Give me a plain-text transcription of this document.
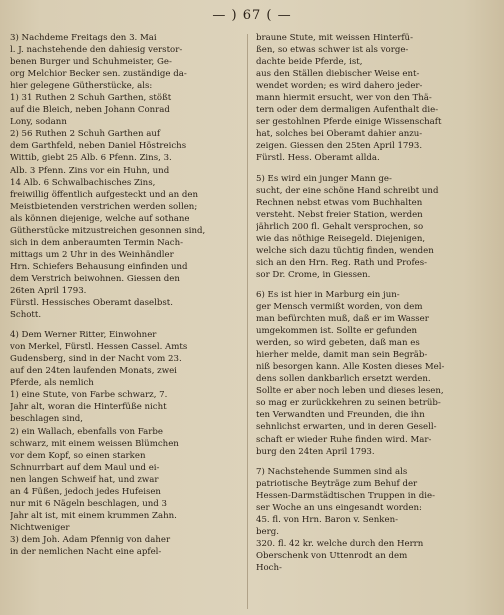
— ) 67 ( —
3) Nachdeme Freitags den 3. Mai
l. J. nachstehende den dahiesig verstor-
benen Burger und Schuhmeister, Ge-
org Melchior Becker sen. zuständige da-
hier gelegene Gütherstücke, als:
1) 31 Ruthen 2 Schuh Garthen, stößt
auf die Bleich, neben Johann Conrad
Lony, sodann
2) 56 Ruthen 2 Schuh Garthen auf
dem Garthfeld, neben Daniel Höstreichs
Wittib, giebt 25 Alb. 6 Pfenn. Zins, 3.
Alb. 3 Pfenn. Zins vor ein Huhn, und
14 Alb. 6 Schwalbachisches Zins,
freiwillig öffentlich aufgesteckt und an den
Meistbietenden verstrichen werden sollen;
als können diejenige, welche auf sothane
Gütherstücke mitzustreichen gesonnen sind,
sich in dem anberaumten Termin Nach-
mittags um 2 Uhr in des Weinhändler
Hrn. Schiefers Behausung einfinden und
dem Verstrich beiwohnen. Giessen den
26ten April 1793.
Fürstl. Hessisches Oberamt daselbst.
Schott.
4) Dem Werner Ritter, Einwohner
von Merkel, Fürstl. Hessen Cassel. Amts
Gudensberg, sind in der Nacht vom 23.
auf den 24ten laufenden Monats, zwei
Pferde, als nemlich
1) eine Stute, von Farbe schwarz, 7.
Jahr alt, woran die Hinterfüße nicht
beschlagen sind,
2) ein Wallach, ebenfalls von Farbe
schwarz, mit einem weissen Blümchen
vor dem Kopf, so einen starken
Schnurrbart auf dem Maul und ei-
nen langen Schweif hat, und zwar
an 4 Füßen, jedoch jedes Hufeisen
nur mit 6 Nägeln beschlagen, und 3
Jahr alt ist, mit einem krummen Zahn.
Nichtweniger
3) dem Joh. Adam Pfennig von daher
in der nemlichen Nacht eine apfel-
braune Stute, mit weissen Hinterfü-
ßen, so etwas schwer ist als vorge-
dachte beide Pferde, ist,
aus den Ställen diebischer Weise ent-
wendet worden; es wird dahero jeder-
mann hiermit ersucht, wer von den Thä-
tern oder dem dermaligen Aufenthalt die-
ser gestohlnen Pferde einige Wissenschaft
hat, solches bei Oberamt dahier anzu-
zeigen. Giessen den 25ten April 1793.
Fürstl. Hess. Oberamt allda.
5) Es wird ein junger Mann ge-
sucht, der eine schöne Hand schreibt und
Rechnen nebst etwas vom Buchhalten
versteht. Nebst freier Station, werden
jährlich 200 fl. Gehalt versprochen, so
wie das nöthige Reisegeld. Diejenigen,
welche sich dazu tüchtig finden, wenden
sich an den Hrn. Reg. Rath und Profes-
sor Dr. Crome, in Giessen.
6) Es ist hier in Marburg ein jun-
ger Mensch vermißt worden, von dem
man befürchten muß, daß er im Wasser
umgekommen ist. Sollte er gefunden
werden, so wird gebeten, daß man es
hierher melde, damit man sein Begräb-
niß besorgen kann. Alle Kosten dieses Mel-
dens sollen dankbarlich ersetzt werden.
Sollte er aber noch leben und dieses lesen,
so mag er zurückkehren zu seinen betrüb-
ten Verwandten und Freunden, die ihn
sehnlichst erwarten, und in deren Gesell-
schaft er wieder Ruhe finden wird. Mar-
burg den 24ten April 1793.
7) Nachstehende Summen sind als
patriotische Beyträge zum Behuf der
Hessen-Darmstädtischen Truppen in die-
ser Woche an uns eingesandt worden:
45. fl. von Hrn. Baron v. Senken-
berg.
320. fl. 42 kr. welche durch den Herrn
Oberschenk von Uttenrodt an dem
Hoch-
